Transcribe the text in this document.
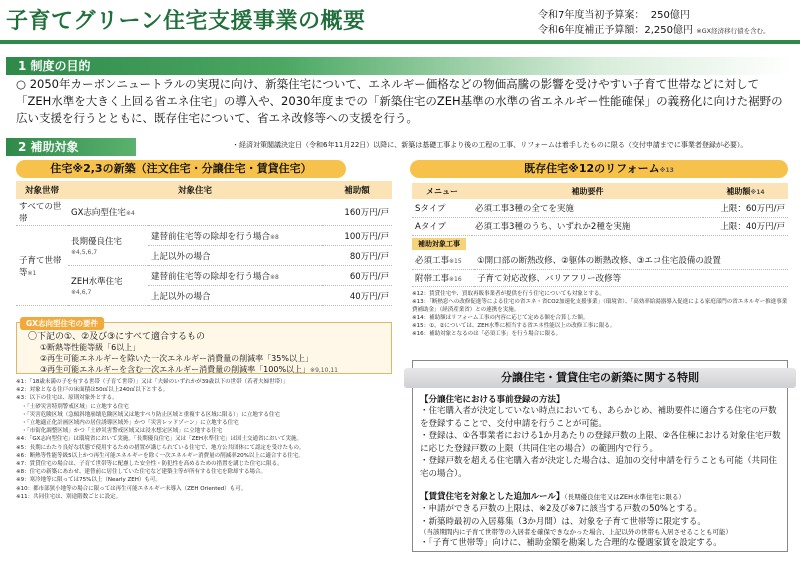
子育てグリーン住宅支援事業の概要	令和7年度当初予算案： 250億円
令和6年度補正予算額：2,250億円 ※GX経済移行債を含む。
1 制度の目的
○ 2050年カーボンニュートラルの実現に向け、新築住宅について、エネルギー価格などの物価高騰の影響を受けやすい子育て世帯などに対して「ZEH水準を大きく上回る省エネ住宅」の導入や、2030年度までの「新築住宅のZEH基準の水準の省エネルギー性能確保」の義務化に向けた裾野の広い支援を行うとともに、既存住宅について、省エネ改修等への支援を行う。
2 補助対象	・経済対策閣議決定日（令和6年11月22日）以降に、新築は基礎工事より後の工程の工事、リフォームは着手したものに限る（交付申請までに事業者登録が必要）。
住宅※2,3の新築（注文住宅・分譲住宅・賃貸住宅）
対象世帯	対象住宅		補助額
すべての世帯	GX志向型住宅※4		160万円/戸
子育て世帯等※1	長期優良住宅
※4,5,6,7	建替前住宅等の除却を行う場合※8	100万円/戸
		上記以外の場合	80万円/戸
	ZEH水準住宅
※4,6,7	建替前住宅等の除却を行う場合※8	60万円/戸
		上記以外の場合	40万円/戸
GX志向型住宅の要件
〇下記の①、②及び③にすべて適合するもの
①断熱等性能等級「6以上」
②再生可能エネルギーを除いた一次エネルギー消費量の削減率「35%以上」
③再生可能エネルギーを含む一次エネルギー消費量の削減率「100%以上」※9,10,11
※1：「18歳未満の子を有する世帯（子育て世帯）」又は「夫婦のいずれかが39歳以下の世帯（若者夫婦世帯）」
※2：対象となる住戸の床面積は50㎡以上240㎡以下とする。
※3：以下の住宅は、原則対象外とする。
　・「土砂災害特別警戒区域」に立地する住宅
　・「災害危険区域（急傾斜地崩壊危険区域又は地すべり防止区域と重複する区域に限る）」に立地する住宅
　・「立地適正化計画区域内の居住誘導区域外」かつ「災害レッドゾーン」に立地する住宅
　・「市街化調整区域」かつ「土砂災害警戒区域又は浸水想定区域」に立地する住宅
※4：「GX志向型住宅」は環境省において実施。「長期優良住宅」又は「ZEH水準住宅」は国土交通省において実施。
※5：長期にわたり良好な状態で使用するための措置が講じられている住宅で、地方公共団体にて認定を受けたもの。
※6：断熱等性能等級5以上かつ再生可能エネルギーを除く一次エネルギー消費量の削減率20%以上に適合する住宅。
※7：賃貸住宅の場合は、子育て世帯等に配慮した安全性・防犯性を高めるための措置を講じた住宅に限る。
※8：住宅の新築にあわせ、建替前に居住していた住宅など建築主等が所有する住宅を除却する場合。
※9：寒冷地等に限っては75%以上（Nearly ZEH）も可。
※10：都市部狭小地等の場合に限っては再生可能エネルギー未導入（ZEH Oriented）も可。
※11：共同住宅は、別途階数ごとに設定。
既存住宅※12のリフォーム※13
メニュー	補助要件	補助額※14
Sタイプ	必須工事3種の全てを実施	上限：60万円/戸
Aタイプ	必須工事3種のうち、いずれか2種を実施	上限：40万円/戸
補助対象工事
必須工事※15	①開口部の断熱改修、②躯体の断熱改修、③エコ住宅設備の設置
附帯工事※16	子育て対応改修、バリアフリー改修等
※12：賃貸住宅や、買取再販事業者が提供を行う住宅についても対象とする。
※13：「断熱窓への改修促進等による住宅の省エネ・省CO2加速化支援事業」（環境省）、「高効率給湯器導入促進による家庭部門の省エネルギー推進事業費補助金」（経済産業省）との連携を実施。
※14：補助額はリフォーム工事の内容に応じて定める額を合算した額。
※15：①、②については、ZEH水準に相当する省エネ性能以上の改修工事に限る。
※16：補助対象となるのは「必須工事」を行う場合に限る。
分譲住宅・賃貸住宅の新築に関する特則
【分譲住宅における事前登録の方法】
・住宅購入者が決定していない時点においても、あらかじめ、補助要件に適合する住宅の戸数を登録することで、交付申請を行うことが可能。
・登録は、①各事業者における1か月あたりの登録戸数の上限、②各住棟における対象住宅戸数に応じた登録戸数の上限（共同住宅の場合）の範囲内で行う。
・登録戸数を超える住宅購入者が決定した場合は、追加の交付申請を行うことも可能（共同住宅の場合）。
【賃貸住宅を対象とした追加ルール】（長期優良住宅又はZEH水準住宅に限る）
・申請ができる戸数の上限は、※2及び※7に該当する戸数の50%とする。
・新築時最初の入居募集（3か月間）は、対象を子育て世帯等に限定する。
（当該期間内に子育て世帯等の入居者を確保できなかった場合、上記以外の世帯も入居させることも可能）
・「子育て世帯等」向けに、補助金額を勘案した合理的な優遇家賃を設定する。
